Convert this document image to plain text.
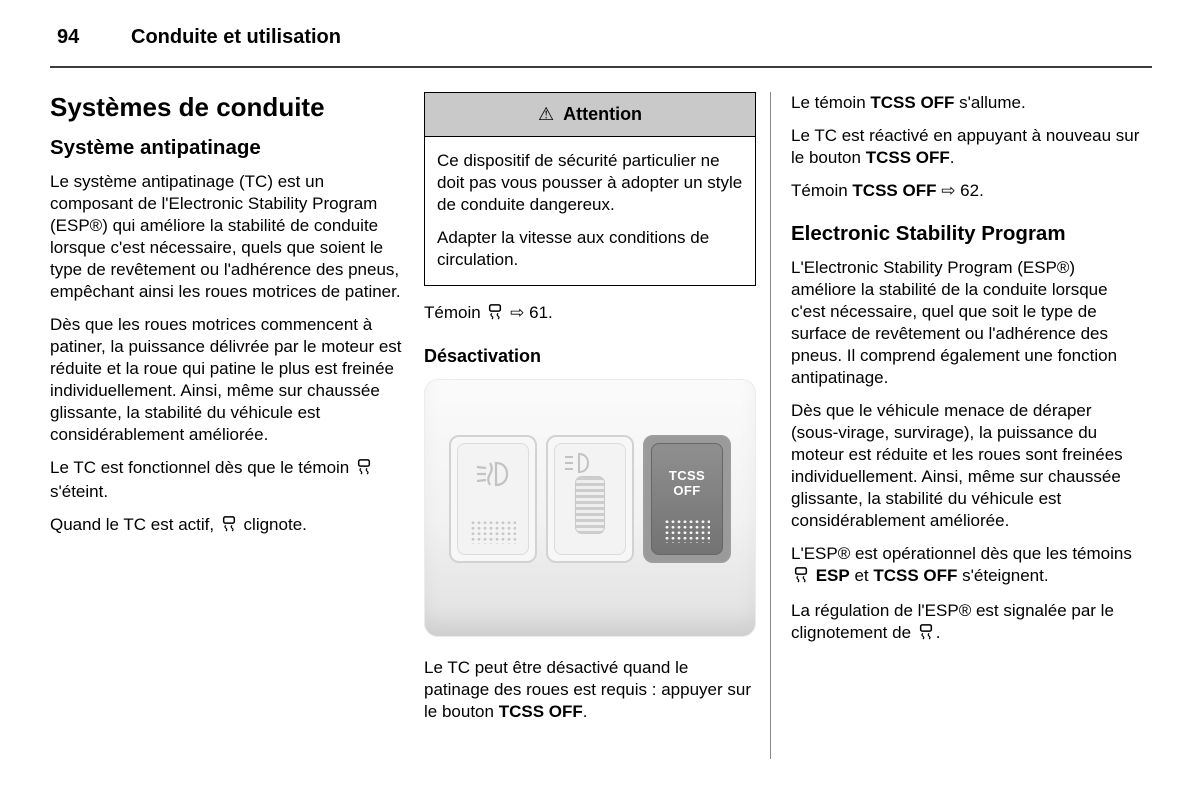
94	Conduite et utilisation
Systèmes de conduite
Système antipatinage

Le système antipatinage (TC) est un composant de l'Electronic Stability Program (ESP®) qui améliore la stabilité de conduite lorsque c'est nécessaire, quels que soient le type de revêtement ou l'adhérence des pneus, empêchant ainsi les roues motrices de patiner.

Dès que les roues motrices commencent à patiner, la puissance délivrée par le moteur est réduite et la roue qui patine le plus est freinée individuellement. Ainsi, même sur chaussée glissante, la stabilité du véhicule est considérablement améliorée.

Le TC est fonctionnel dès que le témoin  s'éteint.

Quand le TC est actif,  clignote.

⚠ Attention

Ce dispositif de sécurité particulier ne doit pas vous pousser à adopter un style de conduite dangereux.

Adapter la vitesse aux conditions de circulation.

Témoin  ⇨ 61.

Désactivation
TCSS
OFF

Le TC peut être désactivé quand le patinage des roues est requis : appuyer sur le bouton TCSS OFF.

Le témoin TCSS OFF s'allume.

Le TC est réactivé en appuyant à nouveau sur le bouton TCSS OFF.

Témoin TCSS OFF ⇨ 62.

Electronic Stability Program

L'Electronic Stability Program (ESP®) améliore la stabilité de la conduite lorsque c'est nécessaire, quel que soit le type de surface de revêtement ou l'adhérence des pneus. Il comprend également une fonction antipatinage.

Dès que le véhicule menace de déraper (sous-virage, survirage), la puissance du moteur est réduite et les roues sont freinées individuellement. Ainsi, même sur chaussée glissante, la stabilité du véhicule est considérablement améliorée.

L'ESP® est opérationnel dès que les témoins  ESP et TCSS OFF s'éteignent.

La régulation de l'ESP® est signalée par le clignotement de .
